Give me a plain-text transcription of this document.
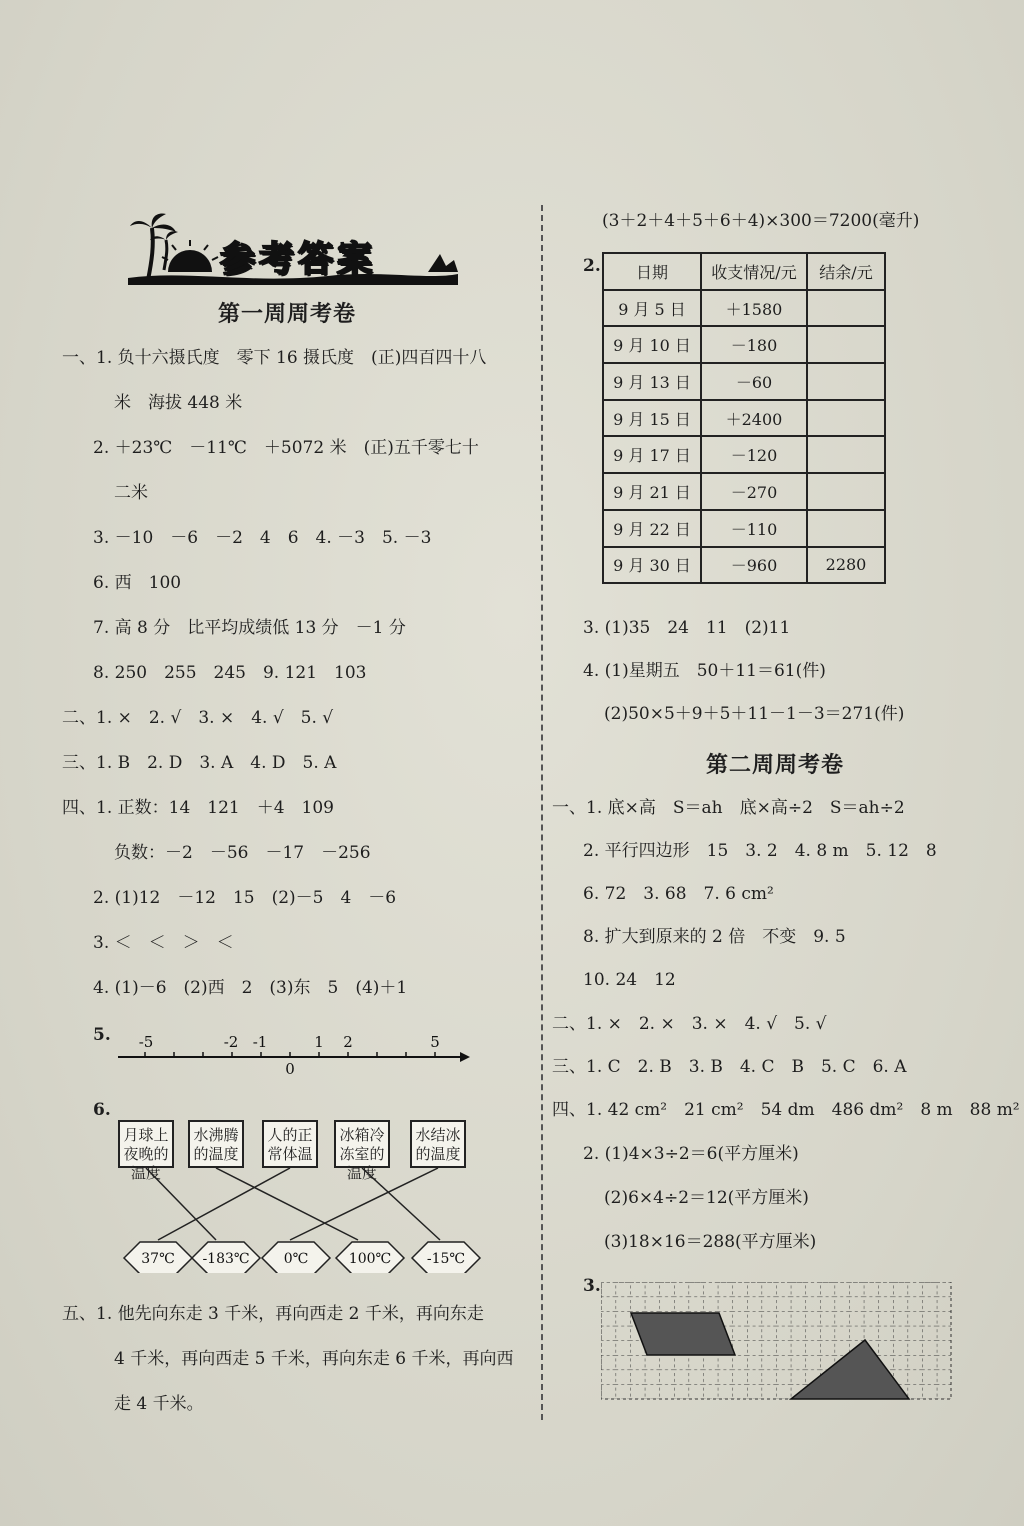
参考答案
第一周周考卷
一、1. 负十六摄氏度　零下 16 摄氏度　(正)四百四十八
米　海拔 448 米
2. ＋23℃　－11℃　＋5072 米　(正)五千零七十
二米
3. －10　－6　－2　4　6　4. －3　5. －3
6. 西　100
7. 高 8 分　比平均成绩低 13 分　－1 分
8. 250　255　245　9. 121　103
二、1. ×　2. √　3. ×　4. √　5. √
三、1. B　2. D　3. A　4. D　5. A
四、1. 正数：14　121　＋4　109
负数：－2　－56　－17　－256
2. (1)12　－12　15　(2)－5　4　－6
3. ＜　＜　＞　＜
4. (1)－6　(2)西　2　(3)东　5　(4)＋1
5. -5	-2 -1	1 2	5
0
6.
月球上夜晚的温度
水沸腾的温度
人的正常体温
冰箱冷冻室的温度
水结冰的温度
37℃ -183℃ 0℃	100℃	-15℃
五、1. 他先向东走 3 千米，再向西走 2 千米，再向东走
4 千米，再向西走 5 千米，再向东走 6 千米，再向西
走 4 千米。
(3＋2＋4＋5＋6＋4)×300＝7200(毫升)
2. 日期	收支情况/元	结余/元
9 月 5 日	＋1580	
9 月 10 日	－180	
9 月 13 日	－60	
9 月 15 日	＋2400	
9 月 17 日	－120	
9 月 21 日	－270	
9 月 22 日	－110	
9 月 30 日	－960	2280
3. (1)35　24　11　(2)11
4. (1)星期五　50＋11＝61(件)
(2)50×5＋9＋5＋11－1－3＝271(件)
第二周周考卷
一、1. 底×高　S＝ah　底×高÷2　S＝ah÷2
2. 平行四边形　15　3. 2　4. 8 m　5. 12　8
6. 72　3. 68　7. 6 cm²
8. 扩大到原来的 2 倍　不变　9. 5
10. 24　12
二、1. ×　2. ×　3. ×　4. √　5. √
三、1. C　2. B　3. B　4. C　B　5. C　6. A
四、1. 42 cm²　21 cm²　54 dm　486 dm²　8 m　88 m²
2. (1)4×3÷2＝6(平方厘米)
(2)6×4÷2＝12(平方厘米)
(3)18×16＝288(平方厘米)
3.
